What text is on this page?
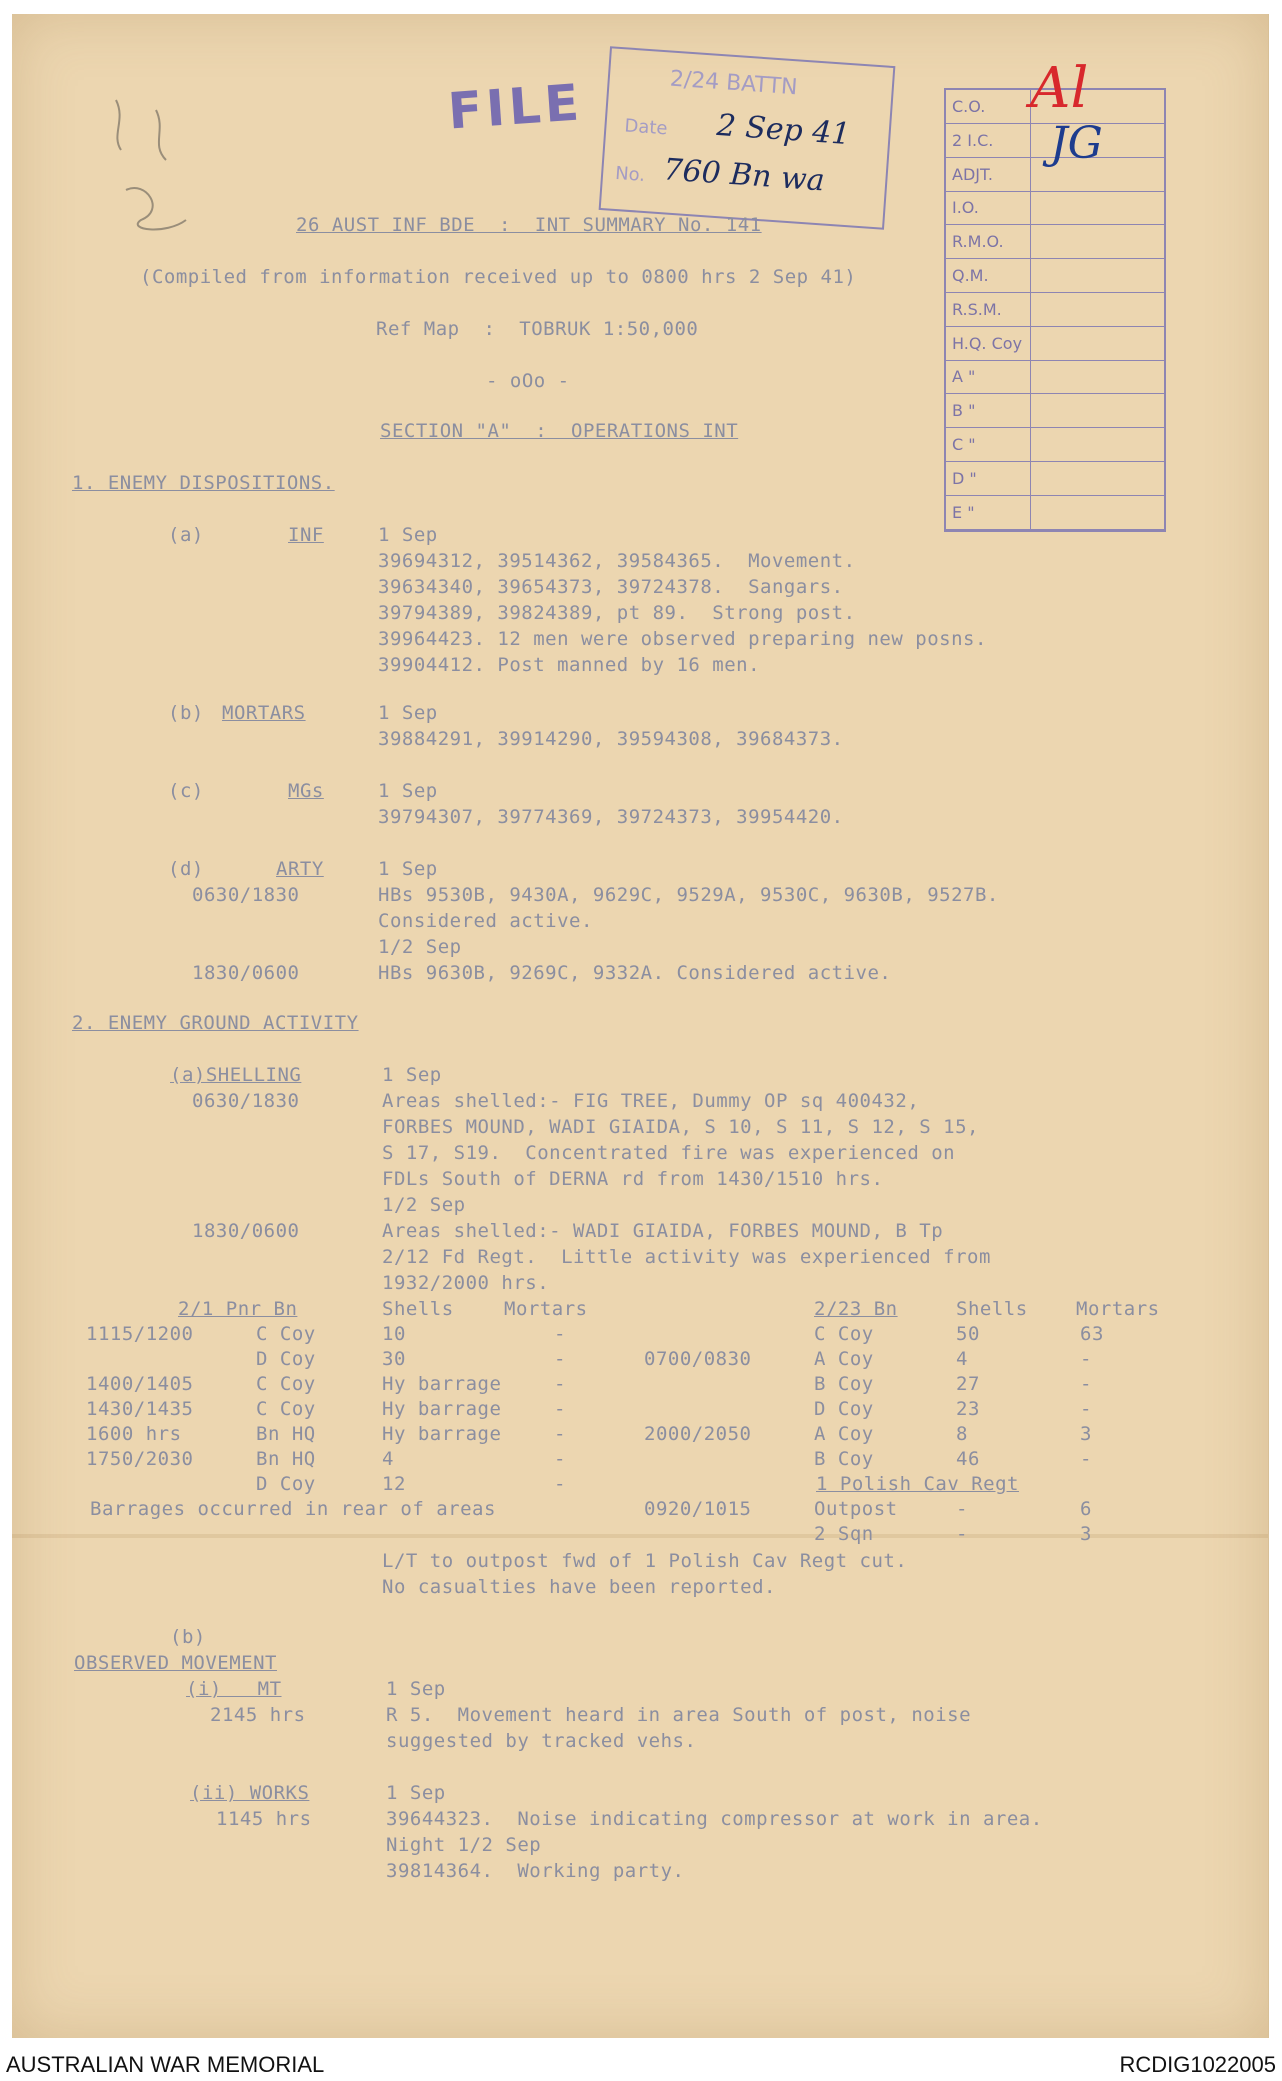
FILE	2/24 BATTN
Date 2 Sep 41
No. 760 Bn wa
C.O.
2 I.C.
ADJT.
I.O.
R.M.O.
Q.M.
R.S.M.
H.Q. Coy
A "
B "
C "
D "
E "
Al
JG
26 AUST INF BDE  :  INT SUMMARY No. 141
(Compiled from information received up to 0800 hrs 2 Sep 41)
Ref Map  :  TOBRUK 1:50,000
- oOo -
SECTION "A"  :  OPERATIONS INT
1. ENEMY DISPOSITIONS.
(a)	INF	1 Sep
39694312, 39514362, 39584365.  Movement.
39634340, 39654373, 39724378.  Sangars.
39794389, 39824389, pt 89.  Strong post.
39964423. 12 men were observed preparing new posns.
39904412. Post manned by 16 men.
(b) MORTARS	1 Sep
39884291, 39914290, 39594308, 39684373.
(c)	MGs	1 Sep
39794307, 39774369, 39724373, 39954420.
(d)	ARTY
0630/1830
1 Sep
HBs 9530B, 9430A, 9629C, 9529A, 9530C, 9630B, 9527B.
Considered active.
1/2 Sep
1830/0600	HBs 9630B, 9269C, 9332A. Considered active.
2. ENEMY GROUND ACTIVITY
(a)SHELLING
0630/1830
1 Sep
Areas shelled:- FIG TREE, Dummy OP sq 400432,
FORBES MOUND, WADI GIAIDA, S 10, S 11, S 12, S 15,
S 17, S19.  Concentrated fire was experienced on
FDLs South of DERNA rd from 1430/1510 hrs.
1/2 Sep
1830/0600	Areas shelled:- WADI GIAIDA, FORBES MOUND, B Tp
2/12 Fd Regt.  Little activity was experienced from
1932/2000 hrs.
2/1 Pnr Bn	Shells	Mortars
1115/1200	C Coy	10	-
D Coy	30	-
1400/1405	C Coy	Hy barrage	-
1430/1435	C Coy	Hy barrage	-
1600 hrs	Bn HQ	Hy barrage	-
1750/2030	Bn HQ	4	-
D Coy	12	-
Barrages occurred in rear of areas
2/23 Bn	Shells	Mortars
C Coy	50	63
0700/0830	A Coy	4	-
B Coy	27	-
D Coy	23	-
2000/2050	A Coy	8	3
B Coy	46	-
1 Polish Cav Regt
0920/1015	Outpost	-	6
2 Sqn	-	3
L/T to outpost fwd of 1 Polish Cav Regt cut.
No casualties have been reported.
(b)
OBSERVED MOVEMENT
(i)   MT
2145 hrs
1 Sep
R 5.  Movement heard in area South of post, noise
suggested by tracked vehs.
(ii) WORKS
1145 hrs
1 Sep
39644323.  Noise indicating compressor at work in area.
Night 1/2 Sep
39814364.  Working party.
AUSTRALIAN WAR MEMORIAL	RCDIG1022005
